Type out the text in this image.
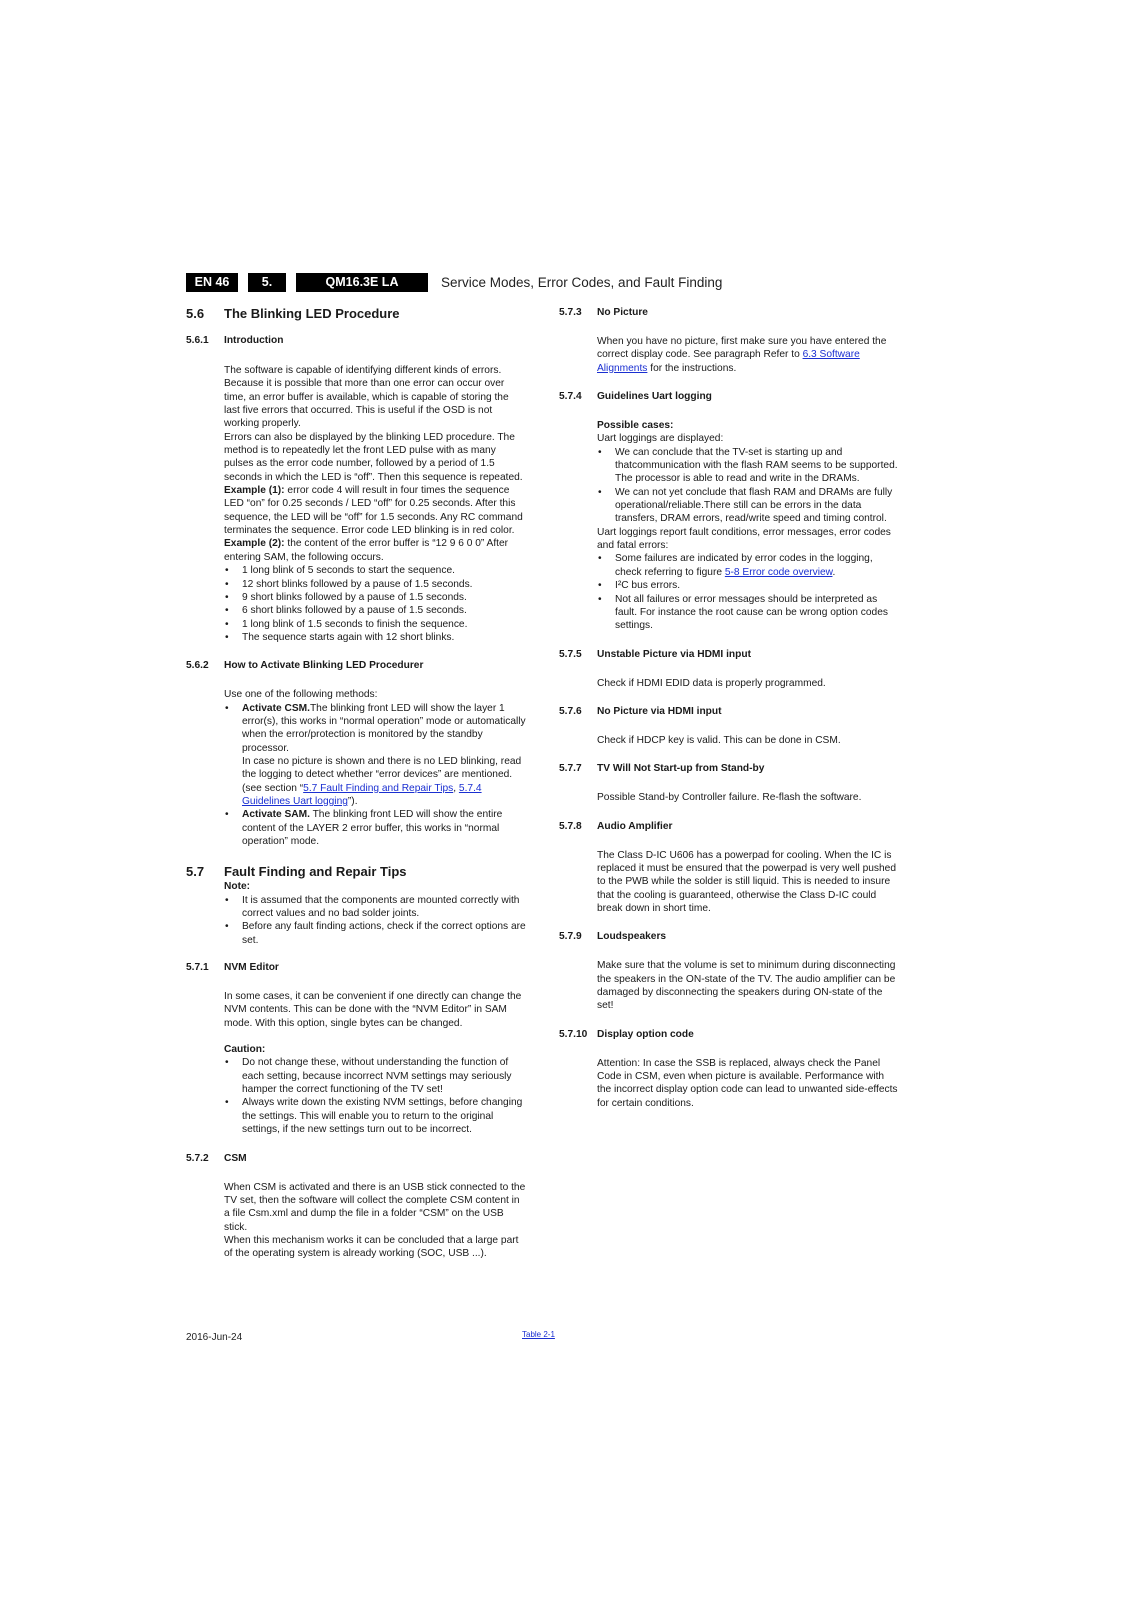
EN 46	5.	QM16.3E LA	Service Modes, Error Codes, and Fault Finding
5.6 The Blinking LED Procedure
5.6.1 Introduction

The software is capable of identifying different kinds of errors. Because it is possible that more than one error can occur over time, an error buffer is available, which is capable of storing the last five errors that occurred. This is useful if the OSD is not working properly.

Errors can also be displayed by the blinking LED procedure. The method is to repeatedly let the front LED pulse with as many pulses as the error code number, followed by a period of 1.5 seconds in which the LED is “off”. Then this sequence is repeated.

Example (1): error code 4 will result in four times the sequence LED “on” for 0.25 seconds / LED “off” for 0.25 seconds. After this sequence, the LED will be “off” for 1.5 seconds. Any RC command terminates the sequence. Error code LED blinking is in red color.

Example (2): the content of the error buffer is “12 9 6 0 0” After entering SAM, the following occurs.

• 1 long blink of 5 seconds to start the sequence.
• 12 short blinks followed by a pause of 1.5 seconds.
• 9 short blinks followed by a pause of 1.5 seconds.
• 6 short blinks followed by a pause of 1.5 seconds.
• 1 long blink of 1.5 seconds to finish the sequence.
• The sequence starts again with 12 short blinks.
5.6.2 How to Activate Blinking LED Procedurer

Use one of the following methods:

• Activate CSM.The blinking front LED will show the layer 1 error(s), this works in “normal operation” mode or automatically when the error/protection is monitored by the standby processor.
In case no picture is shown and there is no LED blinking, read the logging to detect whether “error devices” are mentioned. (see section “5.7 Fault Finding and Repair Tips, 5.7.4 Guidelines Uart logging”).
• Activate SAM. The blinking front LED will show the entire content of the LAYER 2 error buffer, this works in “normal operation” mode.
5.7 Fault Finding and Repair Tips

Note:

• It is assumed that the components are mounted correctly with correct values and no bad solder joints.
• Before any fault finding actions, check if the correct options are set.
5.7.1 NVM Editor

In some cases, it can be convenient if one directly can change the NVM contents. This can be done with the “NVM Editor” in SAM mode. With this option, single bytes can be changed.

Caution:

• Do not change these, without understanding the function of each setting, because incorrect NVM settings may seriously hamper the correct functioning of the TV set!
• Always write down the existing NVM settings, before changing the settings. This will enable you to return to the original settings, if the new settings turn out to be incorrect.
5.7.2 CSM

When CSM is activated and there is an USB stick connected to the TV set, then the software will collect the complete CSM content in a file Csm.xml and dump the file in a folder “CSM” on the USB stick.

When this mechanism works it can be concluded that a large part of the operating system is already working (SOC, USB ...).

5.7.3 No Picture

When you have no picture, first make sure you have entered the correct display code. See paragraph Refer to 6.3 Software Alignments for the instructions.

5.7.4 Guidelines Uart logging

Possible cases:

Uart loggings are displayed:

• We can conclude that the TV-set is starting up and thatcommunication with the flash RAM seems to be supported. The processor is able to read and write in the DRAMs.
• We can not yet conclude that flash RAM and DRAMs are fully operational/reliable.There still can be errors in the data transfers, DRAM errors, read/write speed and timing control.

Uart loggings report fault conditions, error messages, error codes and fatal errors:

• Some failures are indicated by error codes in the logging, check referring to figure 5-8 Error code overview.
• I²C bus errors.
• Not all failures or error messages should be interpreted as fault. For instance the root cause can be wrong option codes settings.
5.7.5 Unstable Picture via HDMI input

Check if HDMI EDID data is properly programmed.

5.7.6 No Picture via HDMI input

Check if HDCP key is valid. This can be done in CSM.

5.7.7 TV Will Not Start-up from Stand-by

Possible Stand-by Controller failure. Re-flash the software.

5.7.8 Audio Amplifier

The Class D-IC U606 has a powerpad for cooling. When the IC is replaced it must be ensured that the powerpad is very well pushed to the PWB while the solder is still liquid. This is needed to insure that the cooling is guaranteed, otherwise the Class D-IC could break down in short time.

5.7.9 Loudspeakers

Make sure that the volume is set to minimum during disconnecting the speakers in the ON-state of the TV. The audio amplifier can be damaged by disconnecting the speakers during ON-state of the set!

5.7.10 Display option code

Attention: In case the SSB is replaced, always check the Panel Code in CSM, even when picture is available. Performance with the incorrect display option code can lead to unwanted side-effects for certain conditions.

2016-Jun-24	Table 2-1
